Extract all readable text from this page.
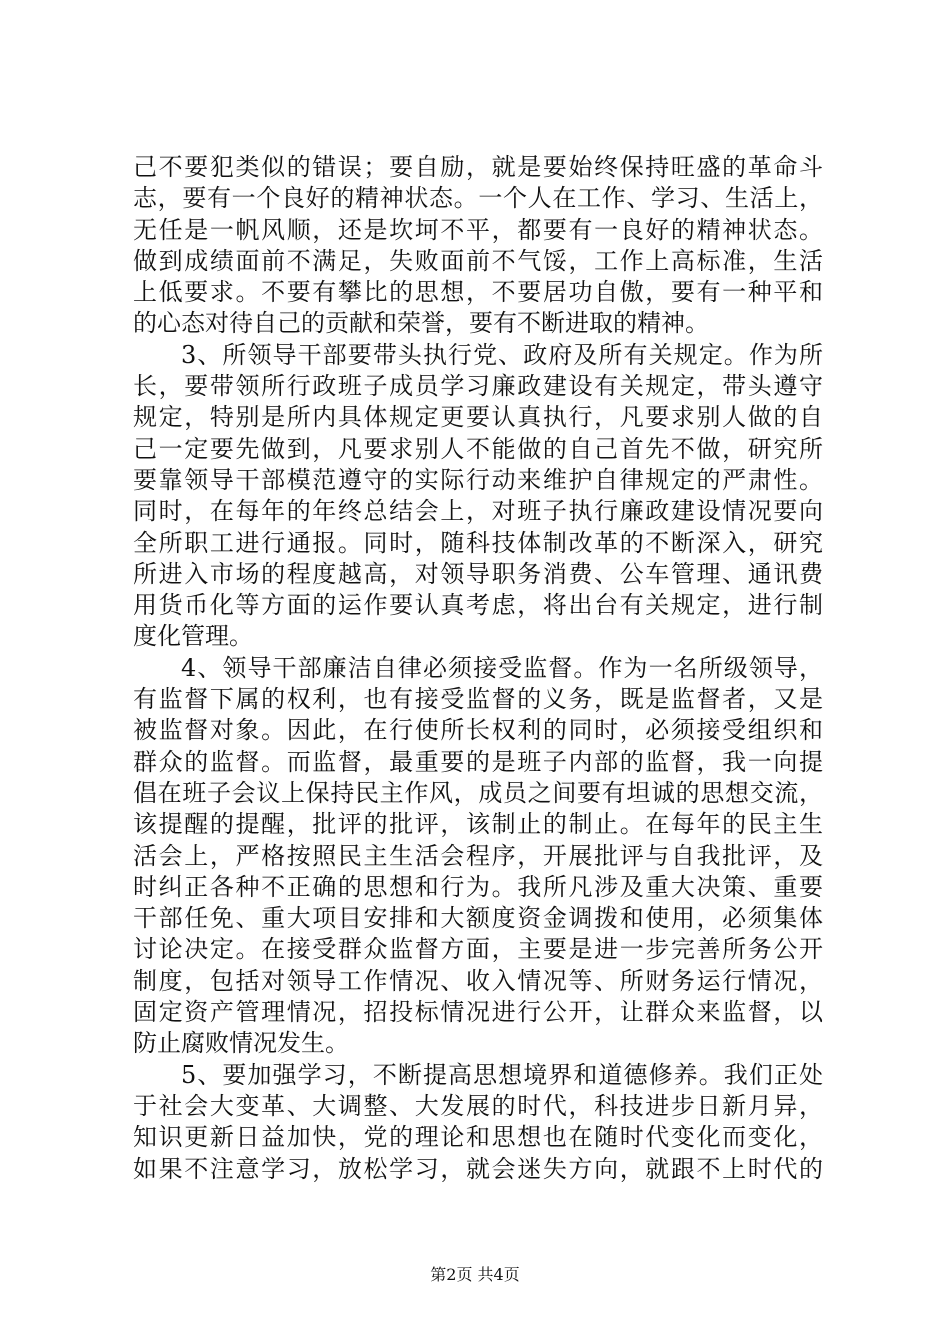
己不要犯类似的错误；要自励，就是要始终保持旺盛的革命斗
志，要有一个良好的精神状态。一个人在工作、学习、生活上，
无任是一帆风顺，还是坎坷不平，都要有一良好的精神状态。
做到成绩面前不满足，失败面前不气馁，工作上高标准，生活
上低要求。不要有攀比的思想，不要居功自傲，要有一种平和
的心态对待自己的贡献和荣誉，要有不断进取的精神。
3、所领导干部要带头执行党、政府及所有关规定。作为所
长，要带领所行政班子成员学习廉政建设有关规定，带头遵守
规定，特别是所内具体规定更要认真执行，凡要求别人做的自
己一定要先做到，凡要求别人不能做的自己首先不做，研究所
要靠领导干部模范遵守的实际行动来维护自律规定的严肃性。
同时，在每年的年终总结会上，对班子执行廉政建设情况要向
全所职工进行通报。同时，随科技体制改革的不断深入，研究
所进入市场的程度越高，对领导职务消费、公车管理、通讯费
用货币化等方面的运作要认真考虑，将出台有关规定，进行制
度化管理。
4、领导干部廉洁自律必须接受监督。作为一名所级领导，
有监督下属的权利，也有接受监督的义务，既是监督者，又是
被监督对象。因此，在行使所长权利的同时，必须接受组织和
群众的监督。而监督，最重要的是班子内部的监督，我一向提
倡在班子会议上保持民主作风，成员之间要有坦诚的思想交流，
该提醒的提醒，批评的批评，该制止的制止。在每年的民主生
活会上，严格按照民主生活会程序，开展批评与自我批评，及
时纠正各种不正确的思想和行为。我所凡涉及重大决策、重要
干部任免、重大项目安排和大额度资金调拨和使用，必须集体
讨论决定。在接受群众监督方面，主要是进一步完善所务公开
制度，包括对领导工作情况、收入情况等、所财务运行情况，
固定资产管理情况，招投标情况进行公开，让群众来监督，以
防止腐败情况发生。
5、要加强学习，不断提高思想境界和道德修养。我们正处
于社会大变革、大调整、大发展的时代，科技进步日新月异，
知识更新日益加快，党的理论和思想也在随时代变化而变化，
如果不注意学习，放松学习，就会迷失方向，就跟不上时代的
第2页 共4页
